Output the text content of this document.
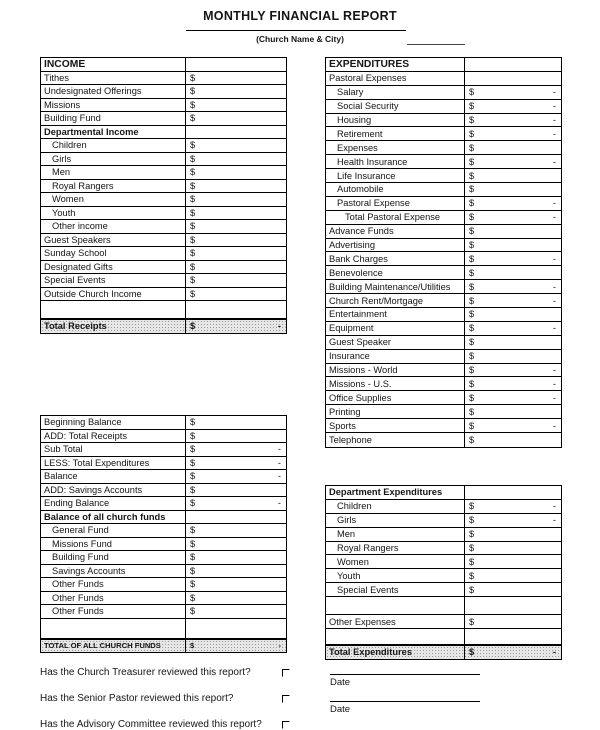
MONTHLY FINANCIAL REPORT
(Church Name & City)
INCOME
Tithes	$
Undesignated Offerings	$
Missions	$
Building Fund	$
Departmental Income
Children	$
Girls	$
Men	$
Royal Rangers	$
Women	$
Youth	$
Other income	$
Guest Speakers	$
Sunday School	$
Designated Gifts	$
Special Events	$
Outside Church Income	$
Total Receipts	$	-
Beginning Balance	$
ADD: Total Receipts	$
Sub Total	$	-
LESS: Total Expenditures	$	-
Balance	$	-
ADD: Savings Accounts	$
Ending Balance	$	-
Balance of all church funds
General Fund	$
Missions Fund	$
Building Fund	$
Savings Accounts	$
Other Funds	$
Other Funds	$
Other Funds	$
TOTAL OF ALL CHURCH FUNDS	$	-
EXPENDITURES
Pastoral Expenses
Salary	$	-
Social Security	$	-
Housing	$	-
Retirement	$	-
Expenses	$
Health Insurance	$	-
Life Insurance	$
Automobile	$
Pastoral Expense	$	-
Total Pastoral Expense	$	-
Advance Funds	$
Advertising	$
Bank Charges	$	-
Benevolence	$
Building Maintenance/Utilities	$	-
Church Rent/Mortgage	$	-
Entertainment	$
Equipment	$	-
Guest Speaker	$
Insurance	$
Missions - World	$	-
Missions - U.S.	$	-
Office Supplies	$	-
Printing	$
Sports	$	-
Telephone	$
Department Expenditures
Children	$	-
Girls	$	-
Men	$
Royal Rangers	$
Women	$
Youth	$
Special Events	$
Other Expenses	$
Total Expenditures	$	-
Has the Church Treasurer reviewed this report?
Has the Senior Pastor reviewed this report?
Has the Advisory Committee reviewed this report?
Date
Date
